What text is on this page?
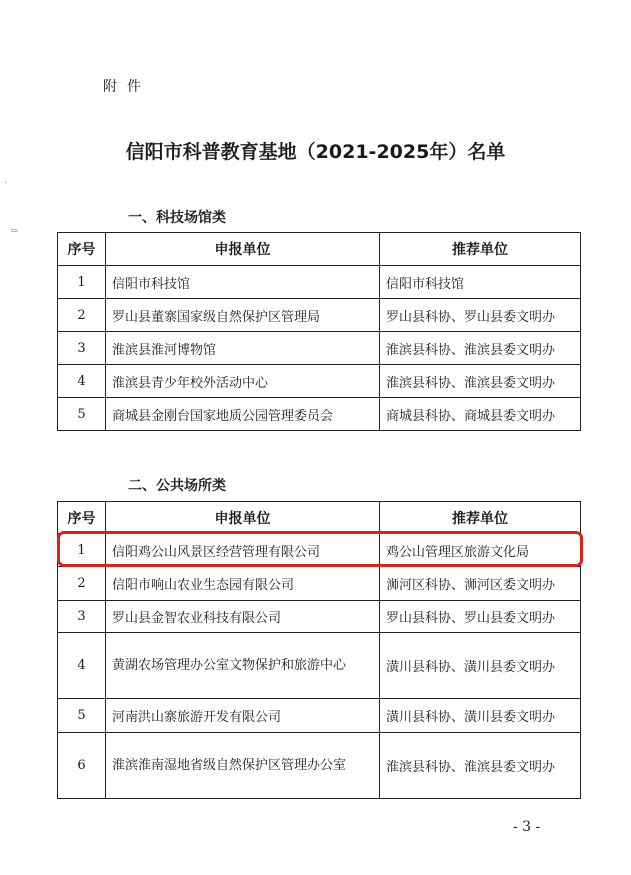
·
=
附件
信阳市科普教育基地（2021-2025年）名单
一、科技场馆类
序号	申报单位	推荐单位
1	信阳市科技馆	信阳市科技馆
2	罗山县董寨国家级自然保护区管理局	罗山县科协、罗山县委文明办
3	淮滨县淮河博物馆	淮滨县科协、淮滨县委文明办
4	淮滨县青少年校外活动中心	淮滨县科协、淮滨县委文明办
5	商城县金刚台国家地质公园管理委员会	商城县科协、商城县委文明办
二、公共场所类
序号	申报单位	推荐单位
1	信阳鸡公山风景区经营管理有限公司	鸡公山管理区旅游文化局
2	信阳市响山农业生态园有限公司	浉河区科协、浉河区委文明办
3	罗山县金智农业科技有限公司	罗山县科协、罗山县委文明办
4	黄湖农场管理办公室文物保护和旅游中心	潢川县科协、潢川县委文明办
5	河南洪山寨旅游开发有限公司	潢川县科协、潢川县委文明办
6	淮滨淮南湿地省级自然保护区管理办公室	淮滨县科协、淮滨县委文明办
- 3 -
